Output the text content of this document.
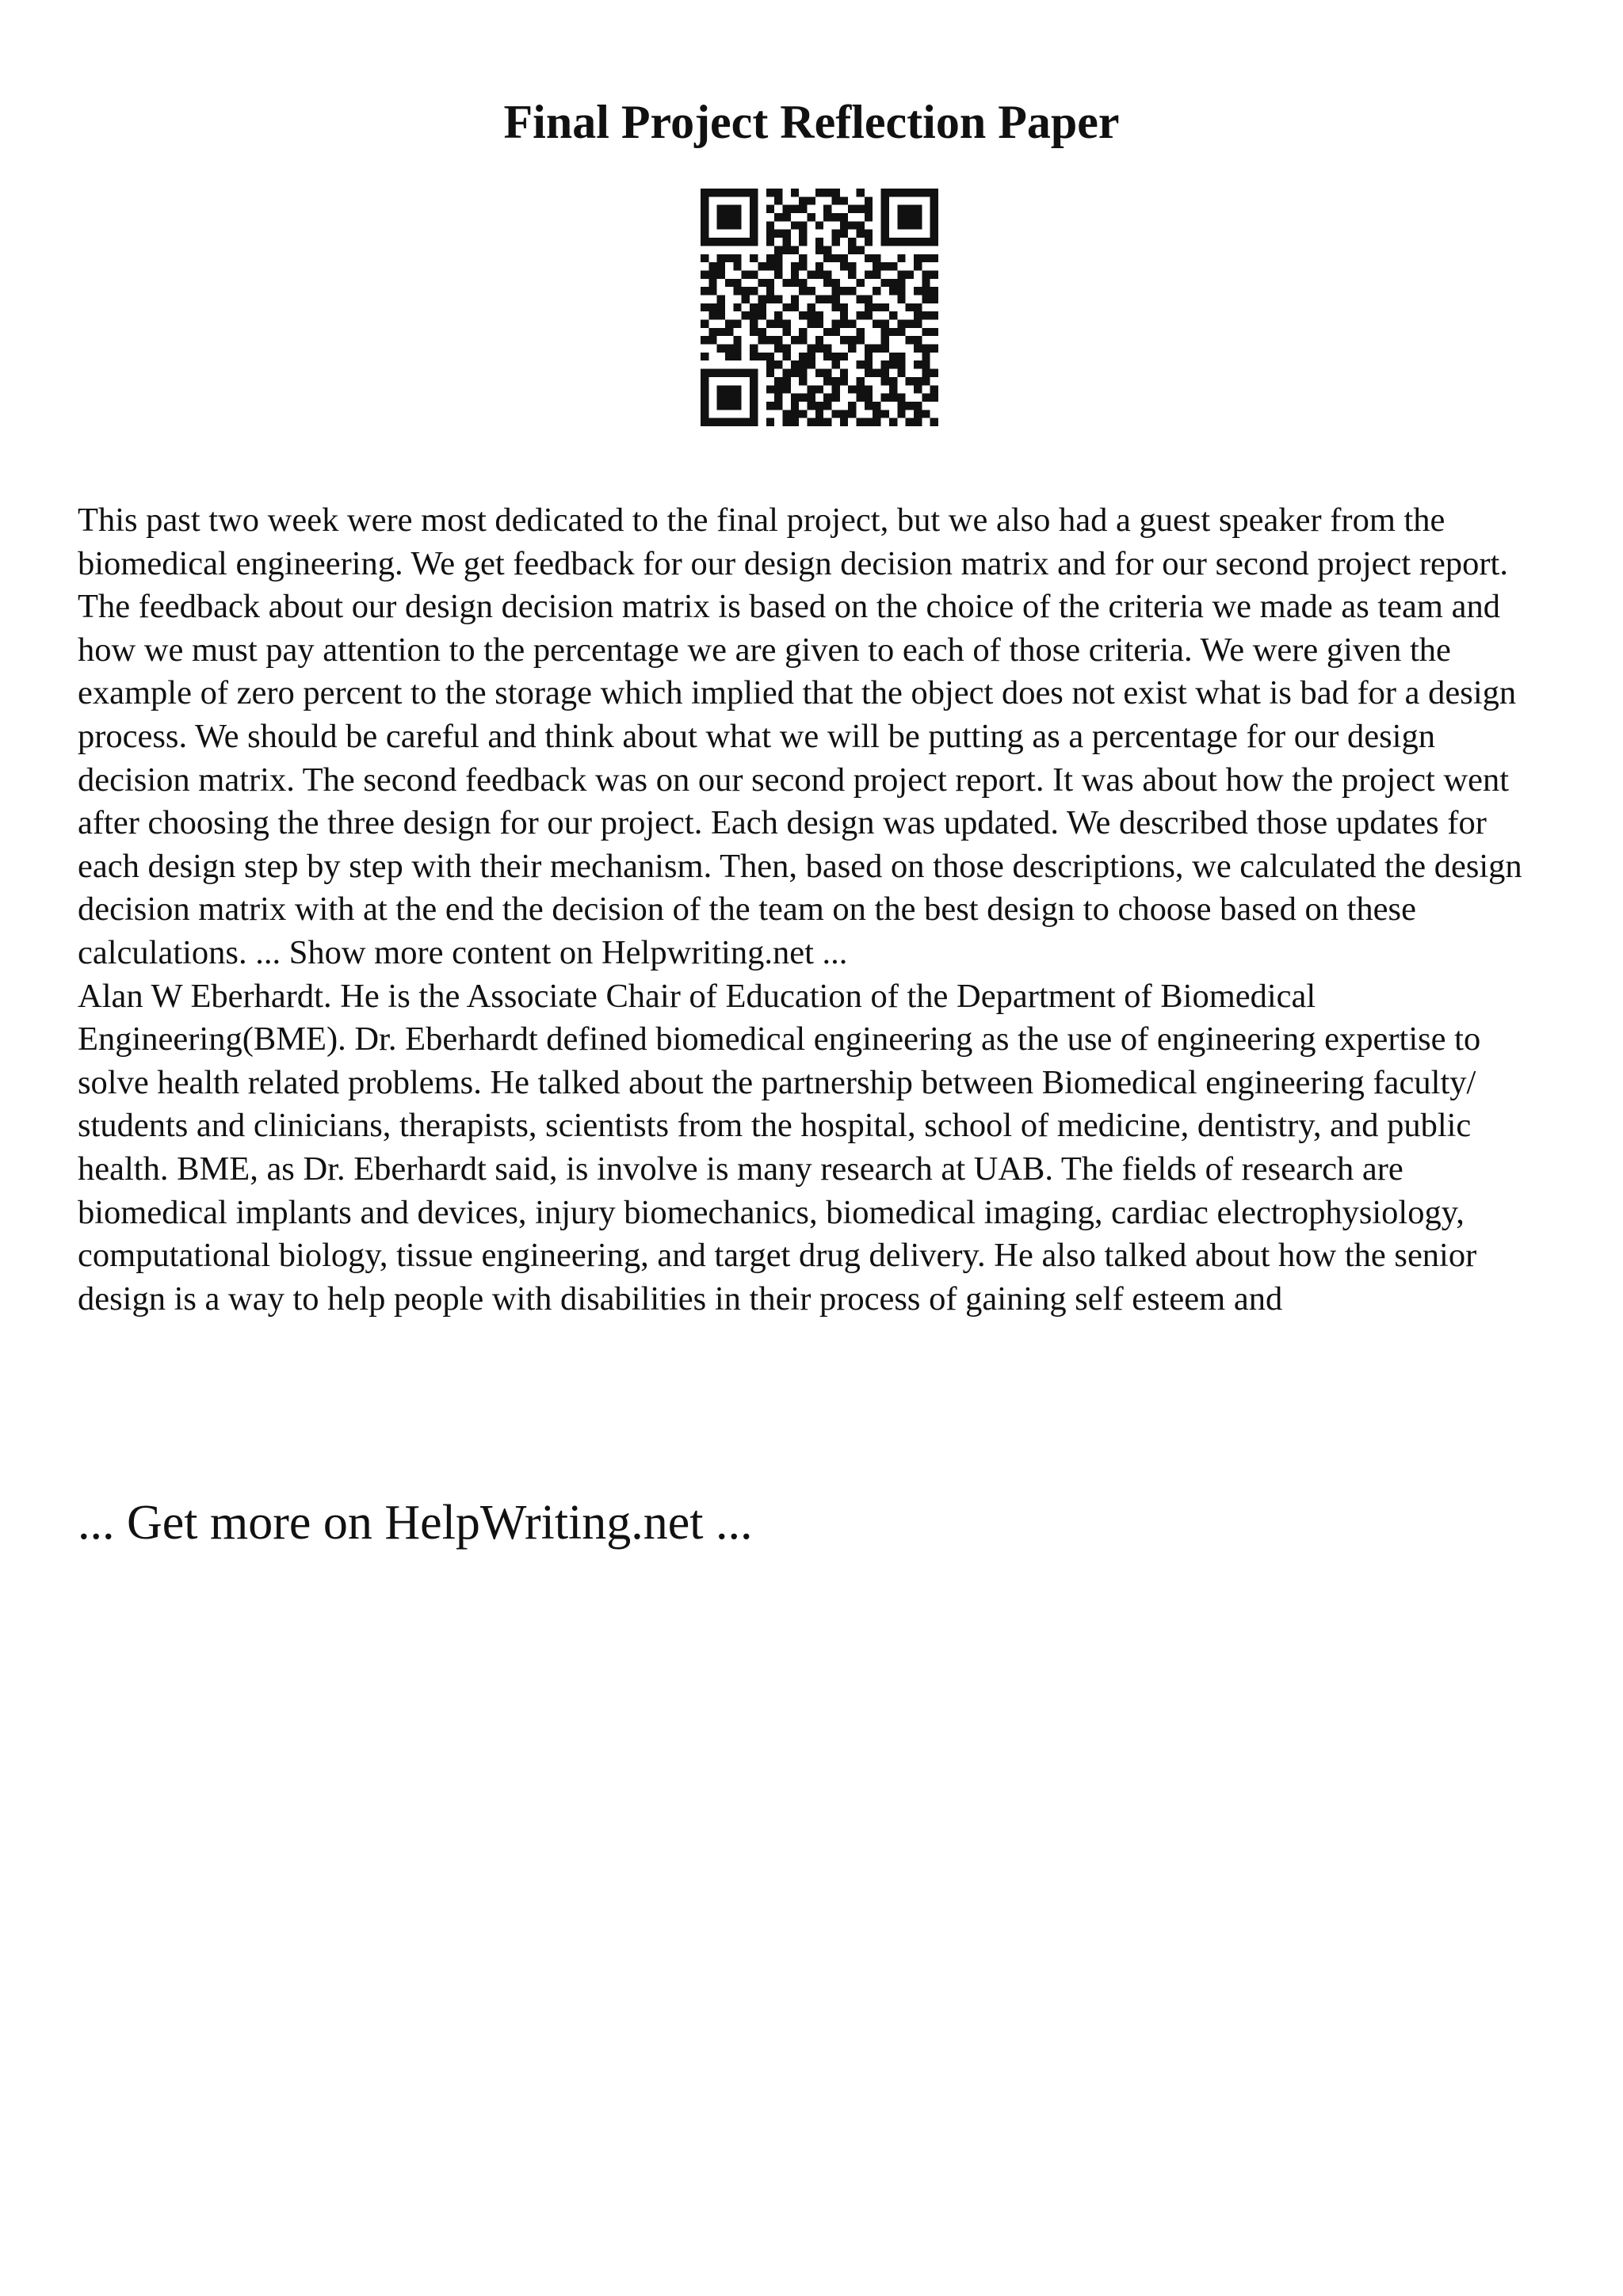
Final Project Reflection Paper

This past two week were most dedicated to the final project, but we also had a guest speaker from the biomedical engineering. We get feedback for our design decision matrix and for our second project report.

The feedback about our design decision matrix is based on the choice of the criteria we made as team and how we must pay attention to the percentage we are given to each of those criteria. We were given the example of zero percent to the storage which implied that the object does not exist what is bad for a design process. We should be careful and think about what we will be putting as a percentage for our design decision matrix. The second feedback was on our second project report. It was about how the project went after choosing the three design for our project. Each design was updated. We described those updates for each design step by step with their mechanism. Then, based on those descriptions, we calculated the design decision matrix with at the end the decision of the team on the best design to choose based on these calculations. ... Show more content on Helpwriting.net ...

Alan W Eberhardt. He is the Associate Chair of Education of the Department of Biomedical Engineering(BME). Dr. Eberhardt defined biomedical engineering as the use of engineering expertise to solve health related problems. He talked about the partnership between Biomedical engineering faculty/ students and clinicians, therapists, scientists from the hospital, school of medicine, dentistry, and public health. BME, as Dr. Eberhardt said, is involve is many research at UAB. The fields of research are biomedical implants and devices, injury biomechanics, biomedical imaging, cardiac electrophysiology, computational biology, tissue engineering, and target drug delivery. He also talked about how the senior design is a way to help people with disabilities in their process of gaining self esteem and

... Get more on HelpWriting.net ...
